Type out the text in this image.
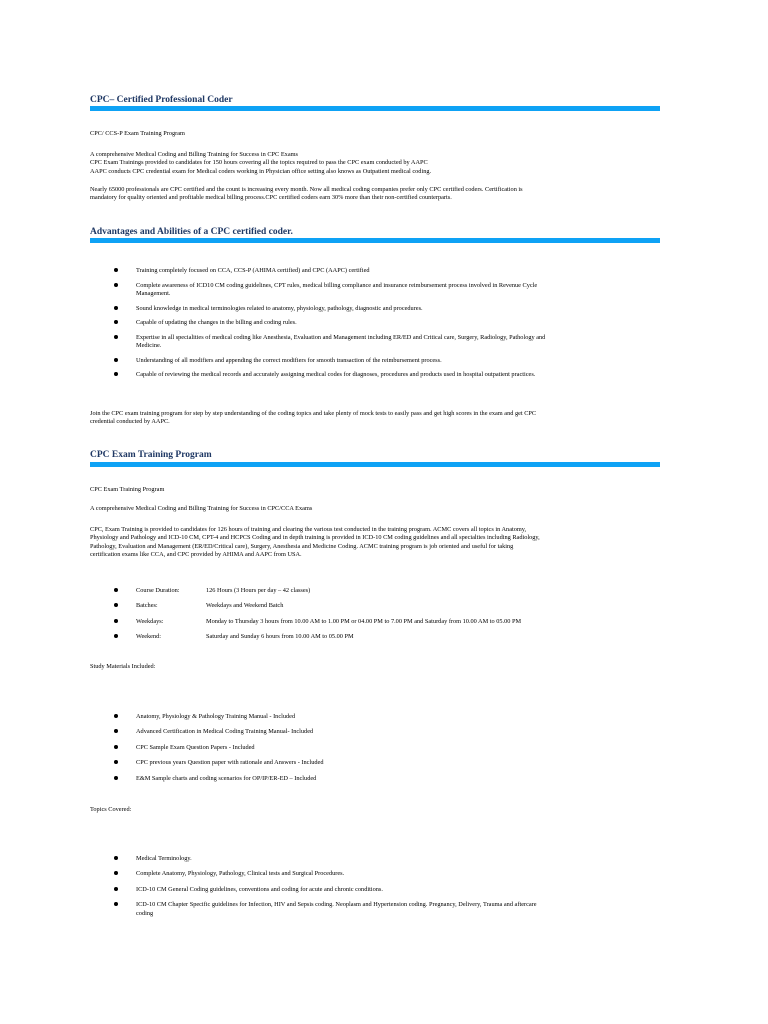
CPC– Certified Professional Coder
CPC/ CCS-P Exam Training Program
A comprehensive Medical Coding and Billing Training for Success in CPC Exams
CPC Exam Trainings provided to candidates for 150 hours covering all the topics required to pass the CPC exam conducted by AAPC
AAPC conducts CPC credential exam for Medical coders working in Physician office setting also knows as Outpatient medical coding.
Nearly 65000 professionals are CPC certified and the count is increasing every month. Now all medical coding companies prefer only CPC certified coders. Certification is
mandatory for quality oriented and profitable medical billing process.CPC certified coders earn 30% more than their non-certified counterparts.
Advantages and Abilities of a CPC certified coder.
Training completely focused on CCA, CCS-P (AHIMA certified) and CPC (AAPC) certified
Complete awareness of ICD10 CM coding guidelines, CPT rules, medical billing compliance and insurance reimbursement process involved in Revenue Cycle
Management.
Sound knowledge in medical terminologies related to anatomy, physiology, pathology, diagnostic and procedures.
Capable of updating the changes in the billing and coding rules.
Expertise in all specialities of medical coding like Anesthesia, Evaluation and Management including ER/ED and Critical care, Surgery, Radiology, Pathology and
Medicine.
Understanding of all modifiers and appending the correct modifiers for smooth transaction of the reimbursement process.
Capable of reviewing the medical records and accurately assigning medical codes for diagnoses, procedures and products used in hospital outpatient practices.
Join the CPC exam training program for step by step understanding of the coding topics and take plenty of mock tests to easily pass and get high scores in the exam and get CPC
credential conducted by AAPC.
CPC Exam Training Program
CPC Exam Training Program
A comprehensive Medical Coding and Billing Training for Success in CPC/CCA Exams
CPC, Exam Training is provided to candidates for 126 hours of training and clearing the various test conducted in the training program. ACMC covers all topics in Anatomy,
Physiology and Pathology and ICD-10 CM, CPT-4 and HCPCS Coding and in depth training is provided in ICD-10 CM coding guidelines and all specialties including Radiology,
Pathology, Evaluation and Management (ER/ED/Critical care), Surgery, Anesthesia and Medicine Coding. ACMC training program is job oriented and useful for taking
certification exams like CCA, and CPC provided by AHIMA and AAPC from USA.
Course Duration:	126 Hours (3 Hours per day – 42 classes)
Batches:	Weekdays and Weekend Batch
Weekdays:	Monday to Thursday 3 hours from 10.00 AM to 1.00 PM or 04.00 PM to 7.00 PM and Saturday from 10.00 AM to 05.00 PM
Weekend:	Saturday and Sunday 6 hours from 10.00 AM to 05.00 PM
Study Materials Included:
Anatomy, Physiology & Pathology Training Manual - Included
Advanced Certification in Medical Coding Training Manual- Included
CPC Sample Exam Question Papers - Included
CPC previous years Question paper with rationale and Answers - Included
E&M Sample charts and coding scenarios for OP/IP/ER-ED – Included
Topics Covered:
Medical Terminology.
Complete Anatomy, Physiology, Pathology, Clinical tests and Surgical Procedures.
ICD-10 CM General Coding guidelines, conventions and coding for acute and chronic conditions.
ICD-10 CM Chapter Specific guidelines for Infection, HIV and Sepsis coding. Neoplasm and Hypertension coding. Pregnancy, Delivery, Trauma and aftercare
coding
